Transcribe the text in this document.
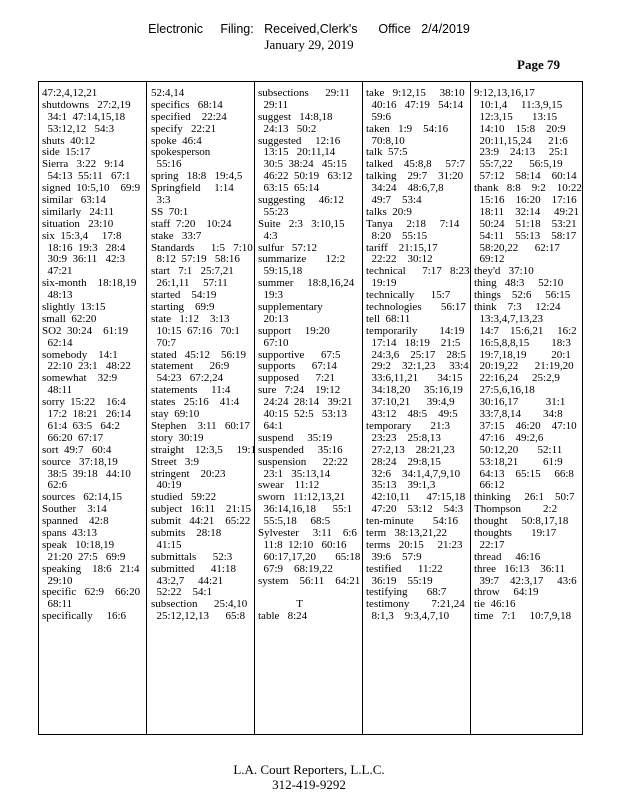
Electronic     Filing:   Received,Clerk's      Office   2/4/2019
January 29, 2019
Page 79
47:2,4,12,21
shutdowns   27:2,19
34:1  47:14,15,18
53:12,12   54:3
shuts  40:12
side  15:17
Sierra   3:22   9:14
54:13  55:11   67:1
signed  10:5,10    69:9
similar   63:14
similarly   24:11
situation   23:10
six  15:3,4     17:8
18:16  19:3   28:4
30:9  36:11   42:3
47:21
six-month    18:18,19
48:13
slightly  13:15
small  62:20
SO2  30:24    61:19
62:14
somebody    14:1
22:10  23:1   48:22
somewhat    32:9
48:11
sorry  15:22    16:4
17:2  18:21   26:14
61:4  63:5   64:2
66:20  67:17
sort  49:7   60:4
source   37:18,19
38:5  39:18   44:10
62:6
sources   62:14,15
Souther    3:14
spanned    42:8
spans  43:13
speak   10:18,19
21:20  27:5   69:9
speaking    18:6   21:4
29:10
specific   62:9    66:20
68:11
specifically     16:6
52:4,14
specifics   68:14
specified    22:24
specify   22:21
spoke  46:4
spokesperson
55:16
spring   18:8   19:4,5
Springfield     1:14
3:3
SS  70:1
staff  7:20    10:24
stake   33:7
Standards      1:5   7:10
8:12  57:19   58:16
start   7:1   25:7,21
26:1,11     57:11
started    54:19
starting    69:9
state   1:12    3:13
10:15  67:16   70:1
70:7
stated   45:12    56:19
statement      26:9
54:23   67:2,24
statements     11:4
states   25:16    41:4
stay  69:10
Stephen    3:11   60:17
story  30:19
straight    12:3,5     19:1
Street   3:9
stringent    20:23
40:19
studied   59:22
subject   16:11    21:15
submit   44:21    65:22
submits    28:18
41:15
submittals      52:3
submitted      41:18
43:2,7     44:21
52:22    54:1
subsection      25:4,10
25:12,12,13      65:8
subsections      29:11
29:11
suggest   14:8,18
24:13   50:2
suggested     12:16
13:15   20:11,14
30:5  38:24   45:15
46:22  50:19   63:12
63:15  65:14
suggesting     46:12
55:23
Suite   2:3   3:10,15
4:3
sulfur   57:12
summarize       12:2
59:15,18
summer     18:8,16,24
19:3
supplementary
20:13
support     19:20
67:10
supportive      67:5
supports      67:14
supposed      7:21
sure   7:24    19:12
24:24  28:14   39:21
40:15  52:5   53:13
64:1
suspend     35:19
suspended     35:16
suspension      22:22
23:1   35:13,14
swear    11:12
sworn   11:12,13,21
36:14,16,18      55:1
55:5,18     68:5
Sylvester     3:11    6:6
11:8  12:10   60:16
60:17,17,20       65:18
67:9    68:19,22
system    56:11    64:21
T
table   8:24
take   9:12,15     38:10
40:16   47:19   54:14
59:6
taken   1:9    54:16
70:8,10
talk  57:5
talked    45:8,8     57:7
talking    29:7    31:20
34:24    48:6,7,8
49:7    53:4
talks  20:9
Tanya     2:18     7:14
8:20    55:15
tariff    21:15,17
22:22    30:12
technical      7:17   8:23
19:19
technically      15:7
technologies       56:17
tell  68:11
temporarily        14:19
17:14   18:19    21:5
24:3,6    25:17    28:5
29:2    32:1,23     33:4
33:6,11,21       34:15
34:18,20     35:16,19
37:10,21      39:4,9
43:12    48:5    49:5
temporary       21:3
23:23    25:8,13
27:2,13    28:21,23
28:24    29:8,15
32:6    34:1,4,7,9,10
35:13    39:1,3
42:10,11      47:15,18
47:20    53:12    54:3
ten-minute       54:16
term   38:13,21,22
terms   20:15     21:23
39:6    57:9
testified      11:22
36:19    55:19
testifying       68:7
testimony        7:21,24
8:1,3    9:3,4,7,10
9:12,13,16,17
10:1,4     11:3,9,15
12:3,15       13:15
14:10    15:8    20:9
20:11,15,24      21:6
23:9    24:13     25:1
55:7,22      56:5,19
57:12    58:14    60:14
thank   8:8    9:2    10:22
15:16    16:20    17:16
18:11    32:14     49:21
50:24    51:18    53:21
54:11    55:13    58:17
58:20,22      62:17
69:12
they'd   37:10
thing   48:3     52:10
things    52:6     56:15
think    7:3     12:24
13:3,4,7,13,23
14:7    15:6,21     16:2
16:5,8,8,15        18:3
19:7,18,19         20:1
20:19,22      21:19,20
22:16,24     25:2,9
27:5,6,16,18
30:16,17          31:1
33:7,8,14        34:8
37:15    46:20    47:10
47:16    49:2,6
50:12,20       52:11
53:18,21         61:9
64:13    65:15     66:8
66:12
thinking     26:1    50:7
Thompson        2:2
thought     50:8,17,18
thoughts       19:17
22:17
thread     46:16
three   16:13    36:11
39:7    42:3,17     43:6
throw     64:19
tie  46:16
time   7:1     10:7,9,18
L.A. Court Reporters, L.L.C.
312-419-9292
